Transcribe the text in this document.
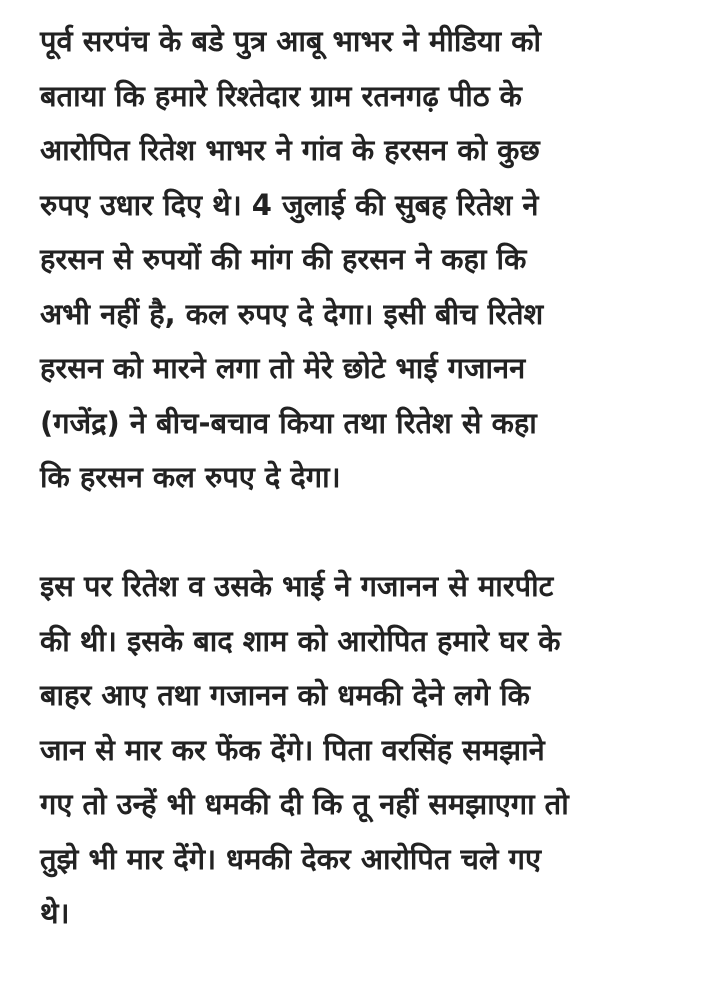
पूर्व सरपंच के बडे पुत्र आबू भाभर ने मीडिया को
बताया कि हमारे रिश्तेदार ग्राम रतनगढ़ पीठ के
आरोपित रितेश भाभर ने गांव के हरसन को कुछ
रुपए उधार दिए थे। 4 जुलाई की सुबह रितेश ने
हरसन से रुपयों की मांग की हरसन ने कहा कि
अभी नहीं है, कल रुपए दे देगा। इसी बीच रितेश
हरसन को मारने लगा तो मेरे छोटे भाई गजानन
(गजेंद्र) ने बीच-बचाव किया तथा रितेश से कहा
कि हरसन कल रुपए दे देगा।
इस पर रितेश व उसके भाई ने गजानन से मारपीट
की थी। इसके बाद शाम को आरोपित हमारे घर के
बाहर आए तथा गजानन को धमकी देने लगे कि
जान से मार कर फेंक देंगे। पिता वरसिंह समझाने
गए तो उन्हें भी धमकी दी कि तू नहीं समझाएगा तो
तुझे भी मार देंगे। धमकी देकर आरोपित चले गए
थे।
